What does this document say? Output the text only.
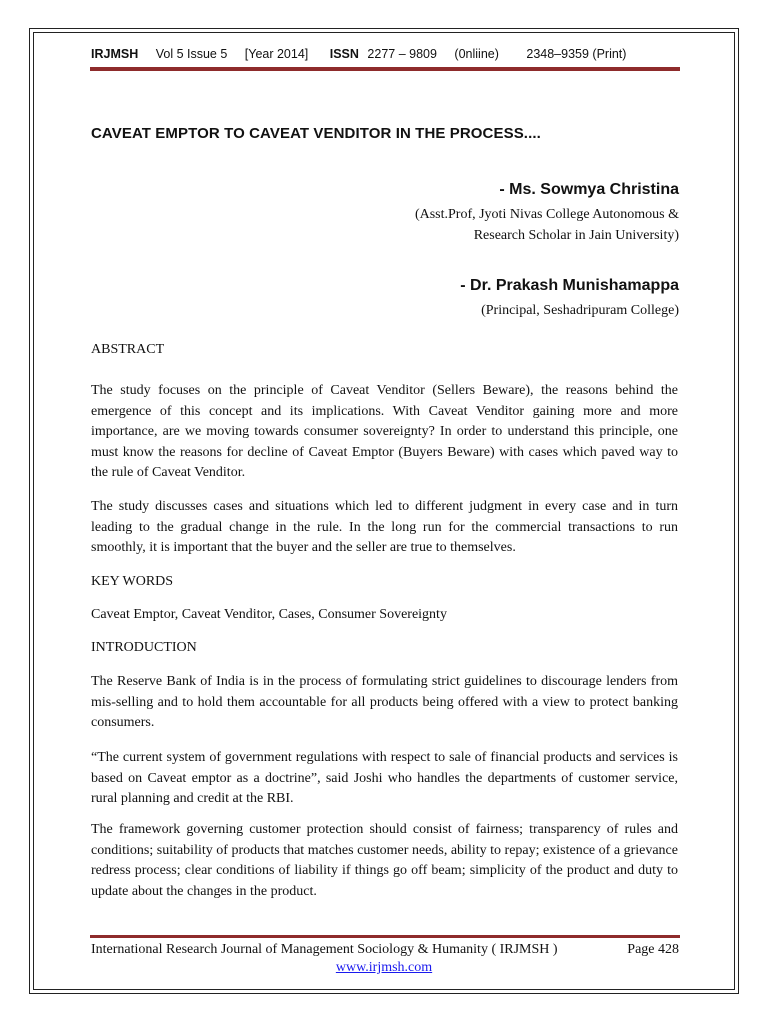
IRJMSH Vol 5 Issue 5 [Year 2014] ISSN 2277 – 9809 (0nliine) 2348–9359 (Print)
CAVEAT EMPTOR TO CAVEAT VENDITOR IN THE PROCESS....
- Ms. Sowmya Christina
(Asst.Prof, Jyoti Nivas College Autonomous &
Research Scholar in Jain University)
- Dr. Prakash Munishamappa
(Principal, Seshadripuram College)
ABSTRACT
The study focuses on the principle of Caveat Venditor (Sellers Beware), the reasons behind the emergence of this concept and its implications. With Caveat Venditor gaining more and more importance, are we moving towards consumer sovereignty? In order to understand this principle, one must know the reasons for decline of Caveat Emptor (Buyers Beware) with cases which paved way to the rule of Caveat Venditor.
The study discusses cases and situations which led to different judgment in every case and in turn leading to the gradual change in the rule. In the long run for the commercial transactions to run smoothly, it is important that the buyer and the seller are true to themselves.
KEY WORDS
Caveat Emptor, Caveat Venditor, Cases, Consumer Sovereignty
INTRODUCTION
The Reserve Bank of India is in the process of formulating strict guidelines to discourage lenders from mis-selling and to hold them accountable for all products being offered with a view to protect banking consumers.
“The current system of government regulations with respect to sale of financial products and services is based on Caveat emptor as a doctrine”, said Joshi who handles the departments of customer service, rural planning and credit at the RBI.
The framework governing customer protection should consist of fairness; transparency of rules and conditions; suitability of products that matches customer needs, ability to repay; existence of a grievance redress process; clear conditions of liability if things go off beam; simplicity of the product and duty to update about the changes in the product.
International Research Journal of Management Sociology & Humanity ( IRJMSH )	Page 428
www.irjmsh.com
